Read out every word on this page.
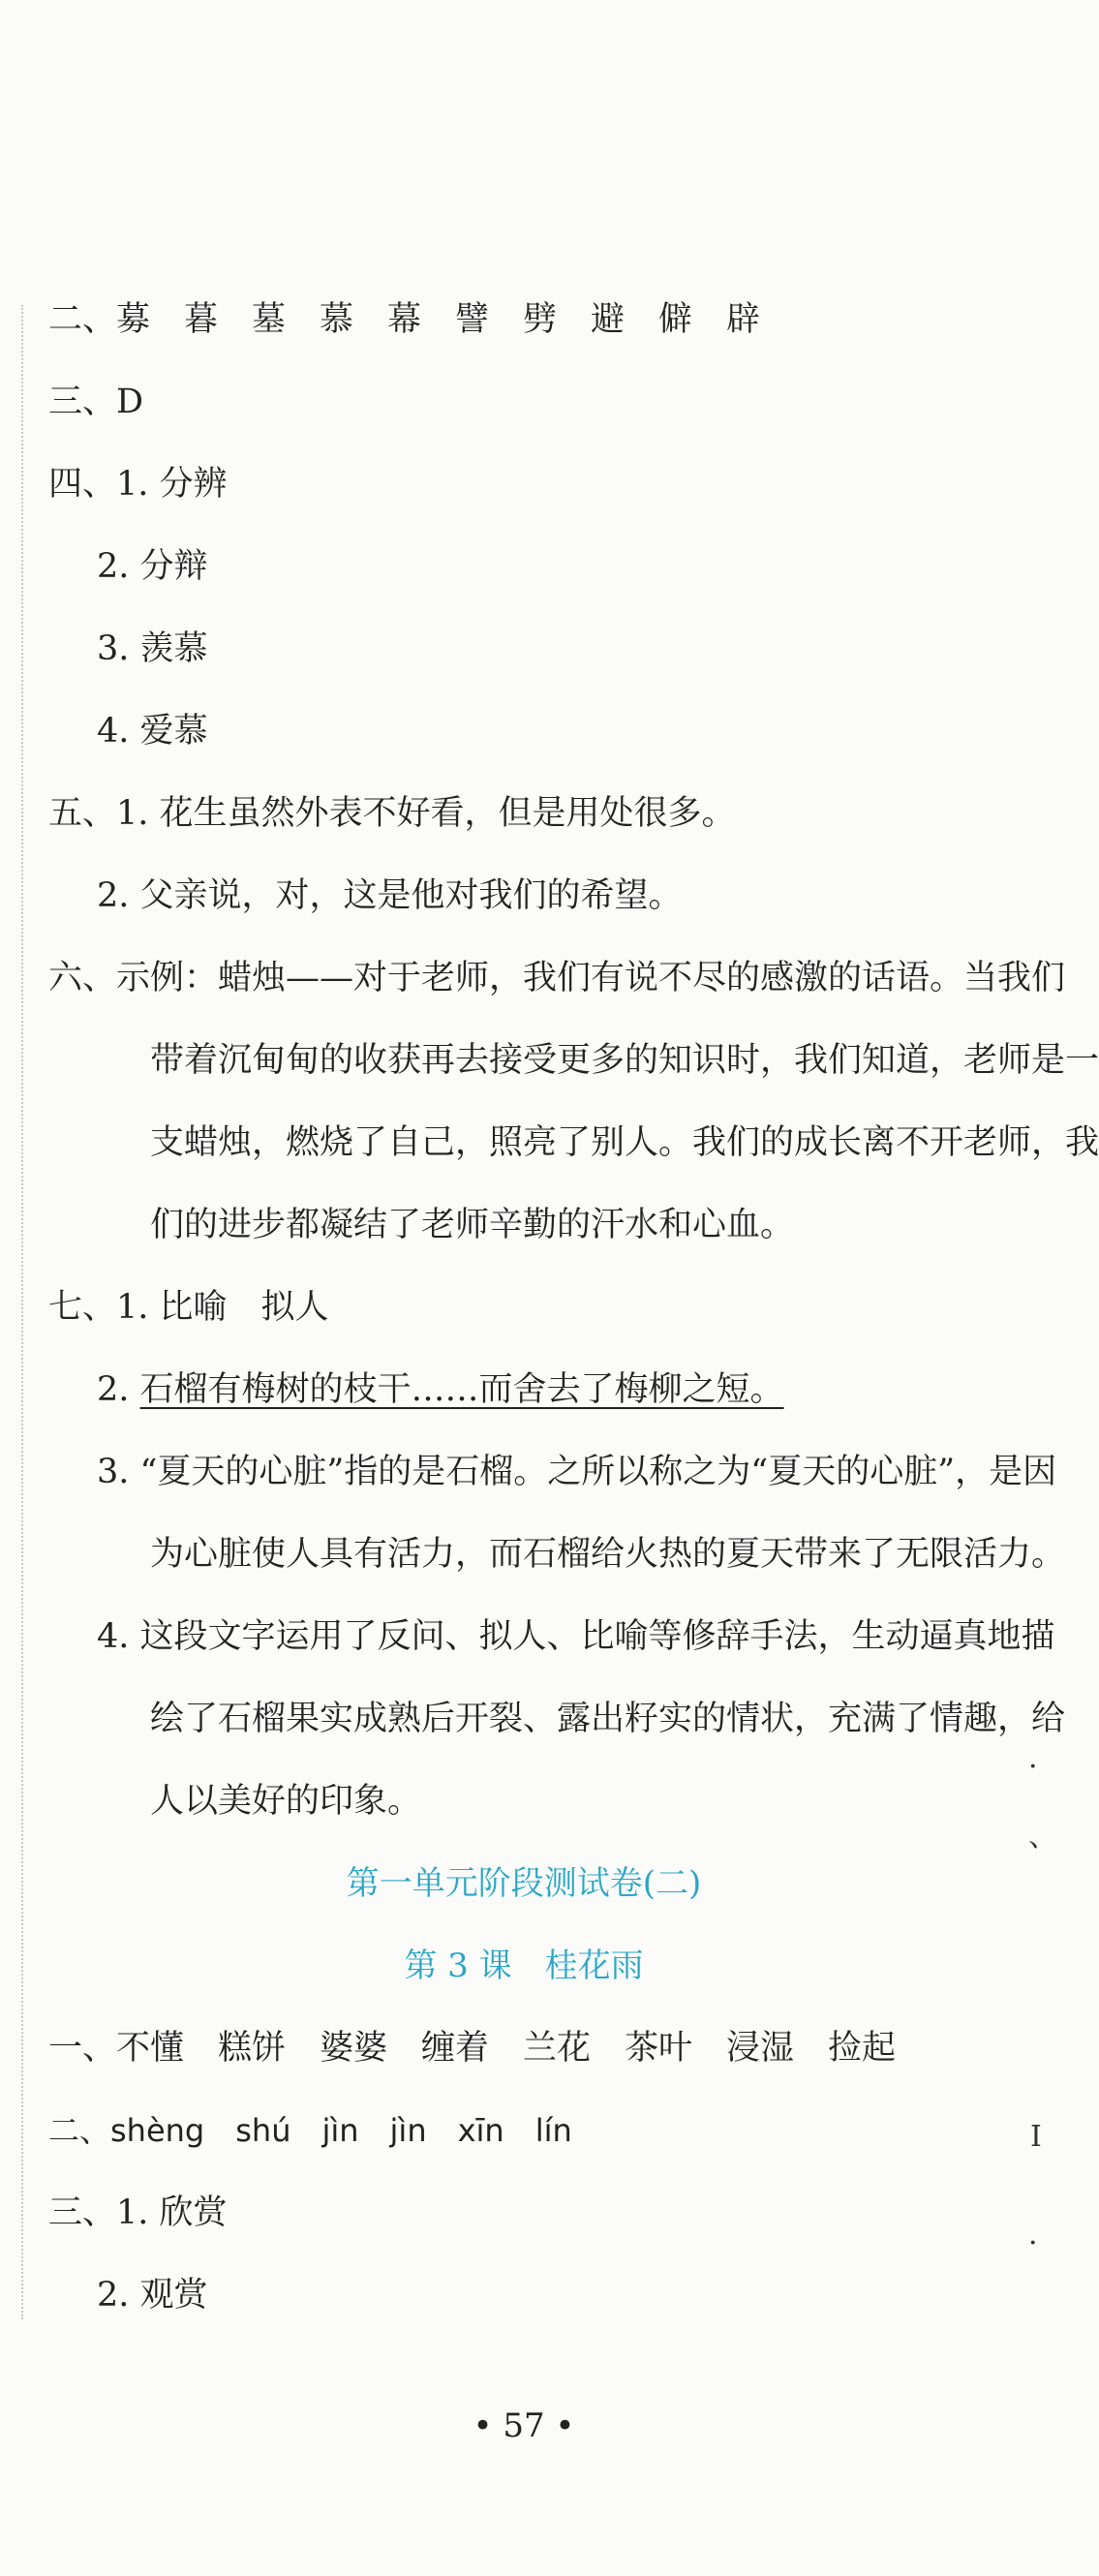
二、募　暮　墓　慕　幕　譬　劈　避　僻　辟
三、D
四、1. 分辨
2. 分辩
3. 羡慕
4. 爱慕
五、1. 花生虽然外表不好看，但是用处很多。
2. 父亲说，对，这是他对我们的希望。
六、示例：蜡烛——对于老师，我们有说不尽的感激的话语。当我们
带着沉甸甸的收获再去接受更多的知识时，我们知道，老师是一
支蜡烛，燃烧了自己，照亮了别人。我们的成长离不开老师，我
们的进步都凝结了老师辛勤的汗水和心血。
七、1. 比喻　拟人
2. 石榴有梅树的枝干……而舍去了梅柳之短。
3. “夏天的心脏”指的是石榴。之所以称之为“夏天的心脏”，是因
为心脏使人具有活力，而石榴给火热的夏天带来了无限活力。
4. 这段文字运用了反问、拟人、比喻等修辞手法，生动逼真地描
绘了石榴果实成熟后开裂、露出籽实的情状，充满了情趣，给
人以美好的印象。
第一单元阶段测试卷(二)
第 3 课　桂花雨
一、不懂　糕饼　婆婆　缠着　兰花　茶叶　浸湿　捡起
二、shèng　shú　jìn　jìn　xīn　lín
三、1. 欣赏
2. 观赏
• 57 •
·
、
Ⅰ
·
